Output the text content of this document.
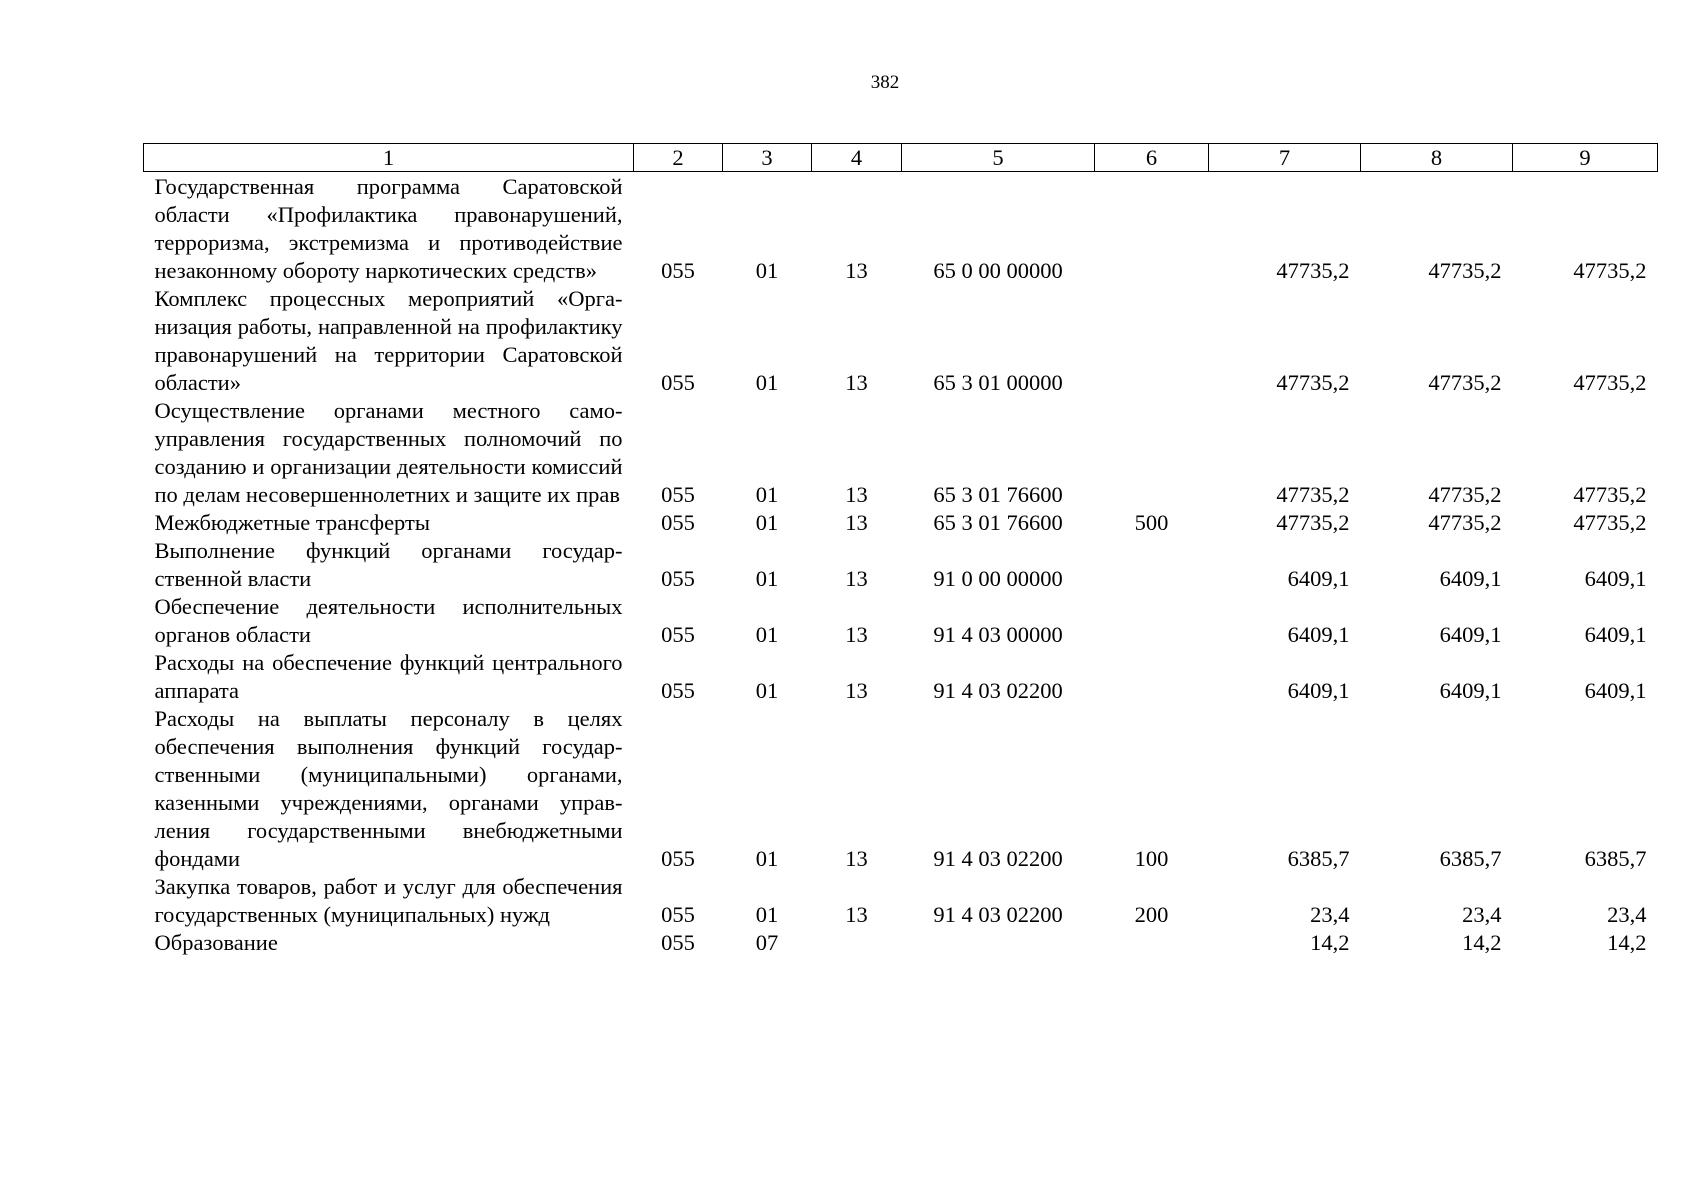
382
1	2	3	4	5	6	7	8	9
Государственная программа Саратовской области «Профилактика правонарушений, терроризма, экстремизма и противодействие незаконному обороту наркотических средств»	055	01	13	65 0 00 00000		47735,2	47735,2	47735,2
Комплекс процессных мероприятий «Организация работы, направленной на профилактику правонарушений на территории Саратовской области»	055	01	13	65 3 01 00000		47735,2	47735,2	47735,2
Осуществление органами местного самоуправления государственных полномочий по созданию и организации деятельности комиссий по делам несовершеннолетних и защите их прав	055	01	13	65 3 01 76600		47735,2	47735,2	47735,2
Межбюджетные трансферты	055	01	13	65 3 01 76600	500	47735,2	47735,2	47735,2
Выполнение функций органами государственной власти	055	01	13	91 0 00 00000		6409,1	6409,1	6409,1
Обеспечение деятельности исполнительных органов области	055	01	13	91 4 03 00000		6409,1	6409,1	6409,1
Расходы на обеспечение функций центрального аппарата	055	01	13	91 4 03 02200		6409,1	6409,1	6409,1
Расходы на выплаты персоналу в целях обеспечения выполнения функций государственными (муниципальными) органами, казенными учреждениями, органами управления государственными внебюджетными фондами	055	01	13	91 4 03 02200	100	6385,7	6385,7	6385,7
Закупка товаров, работ и услуг для обеспечения государственных (муниципальных) нужд	055	01	13	91 4 03 02200	200	23,4	23,4	23,4
Образование	055	07				14,2	14,2	14,2
